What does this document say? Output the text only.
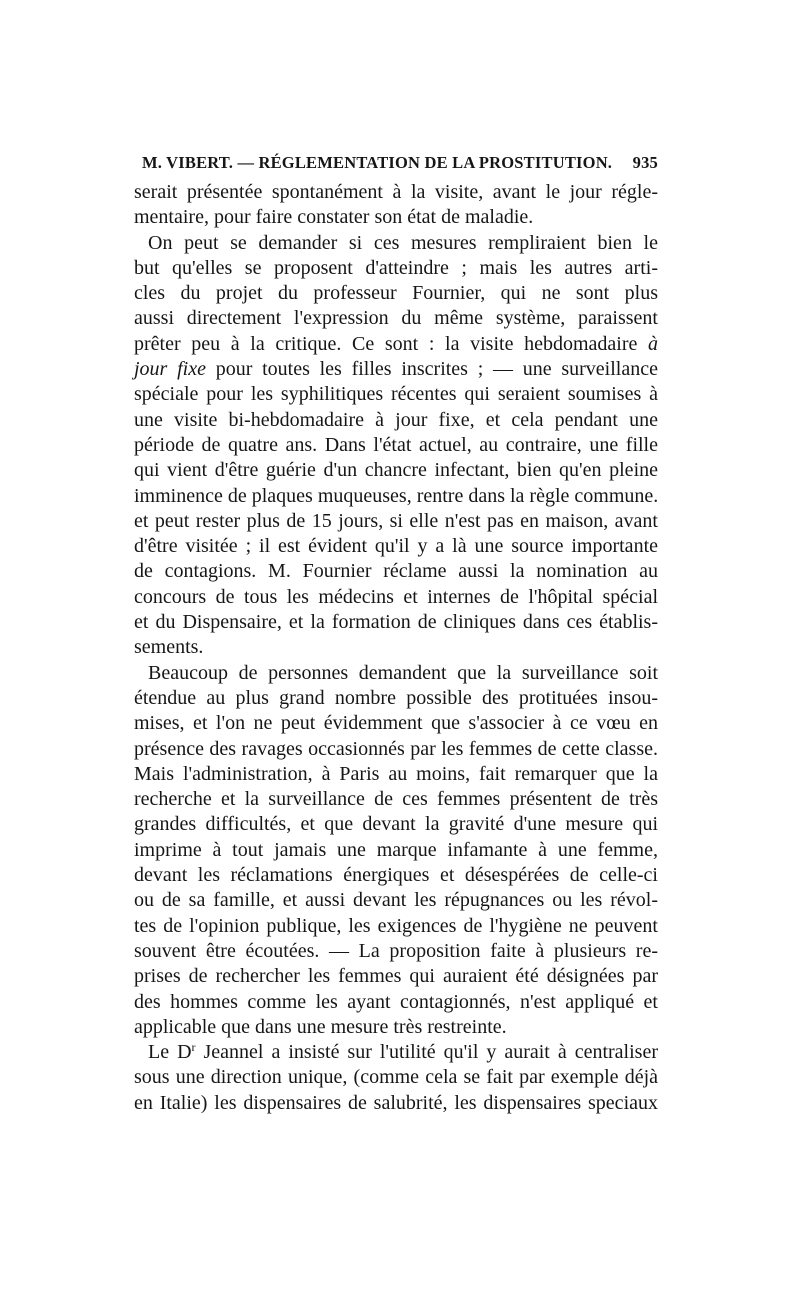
M. VIBERT. — RÉGLEMENTATION DE LA PROSTITUTION. 935
serait présentée spontanément à la visite, avant le jour régle-
mentaire, pour faire constater son état de maladie.
On peut se demander si ces mesures rempliraient bien le
but qu'elles se proposent d'atteindre ; mais les autres arti-
cles du projet du professeur Fournier, qui ne sont plus
aussi directement l'expression du même système, paraissent
prêter peu à la critique. Ce sont : la visite hebdomadaire à
jour fixe pour toutes les filles inscrites ; — une surveillance
spéciale pour les syphilitiques récentes qui seraient soumises à
une visite bi-hebdomadaire à jour fixe, et cela pendant une
période de quatre ans. Dans l'état actuel, au contraire, une fille
qui vient d'être guérie d'un chancre infectant, bien qu'en pleine
imminence de plaques muqueuses, rentre dans la règle commune.
et peut rester plus de 15 jours, si elle n'est pas en maison, avant
d'être visitée ; il est évident qu'il y a là une source importante
de contagions. M. Fournier réclame aussi la nomination au
concours de tous les médecins et internes de l'hôpital spécial
et du Dispensaire, et la formation de cliniques dans ces établis-
sements.
Beaucoup de personnes demandent que la surveillance soit
étendue au plus grand nombre possible des protituées insou-
mises, et l'on ne peut évidemment que s'associer à ce vœu en
présence des ravages occasionnés par les femmes de cette classe.
Mais l'administration, à Paris au moins, fait remarquer que la
recherche et la surveillance de ces femmes présentent de très
grandes difficultés, et que devant la gravité d'une mesure qui
imprime à tout jamais une marque infamante à une femme,
devant les réclamations énergiques et désespérées de celle-ci
ou de sa famille, et aussi devant les répugnances ou les révol-
tes de l'opinion publique, les exigences de l'hygiène ne peuvent
souvent être écoutées. — La proposition faite à plusieurs re-
prises de rechercher les femmes qui auraient été désignées par
des hommes comme les ayant contagionnés, n'est appliqué et
applicable que dans une mesure très restreinte.
Le $D^r$ Jeannel a insisté sur l'utilité qu'il y aurait à centraliser
sous une direction unique, (comme cela se fait par exemple déjà
en Italie) les dispensaires de salubrité, les dispensaires speciaux
